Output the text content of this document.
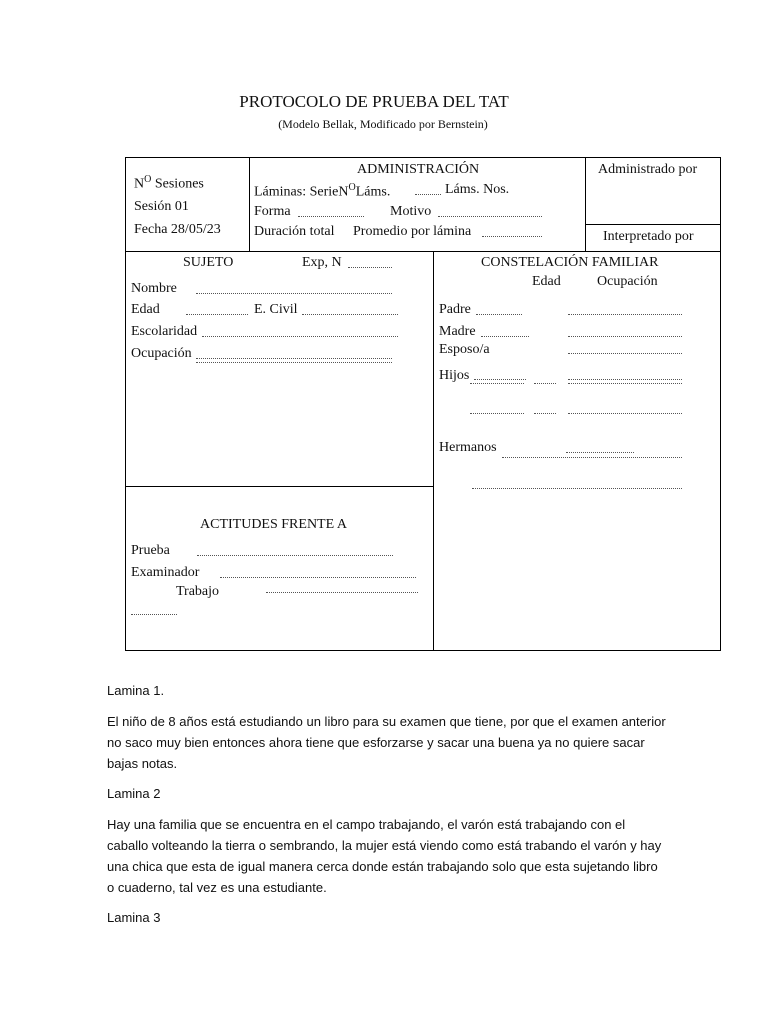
PROTOCOLO DE PRUEBA DEL TAT
(Modelo Bellak, Modificado por Bernstein)
$N^O$ Sesiones
Sesión 01
Fecha 28/05/23
ADMINISTRACIÓN
Láminas: SerieN$^O$Láms.	Láms. Nos.
Forma	Motivo
Duración total Promedio por lámina
Administrado por
Interpretado por
SUJETO	Exp, N
Nombre
Edad	E. Civil
Escolaridad
Ocupación
CONSTELACIÓN FAMILIAR
Edad	Ocupación
Padre
Madre
Esposo/a
Hijos
Hermanos
ACTITUDES FRENTE A
Prueba
Examinador
Trabajo
Lamina 1.
El niño de 8 años está estudiando un libro para su examen que tiene, por que el examen anterior no saco muy bien entonces ahora tiene que esforzarse y sacar una buena ya no quiere sacar bajas notas.
Lamina 2
Hay una familia que se encuentra en el campo trabajando, el varón está trabajando con el caballo volteando la tierra o sembrando, la mujer está viendo como está trabando el varón y hay una chica que esta de igual manera cerca donde están trabajando solo que esta sujetando libro o cuaderno, tal vez es una estudiante.
Lamina 3
